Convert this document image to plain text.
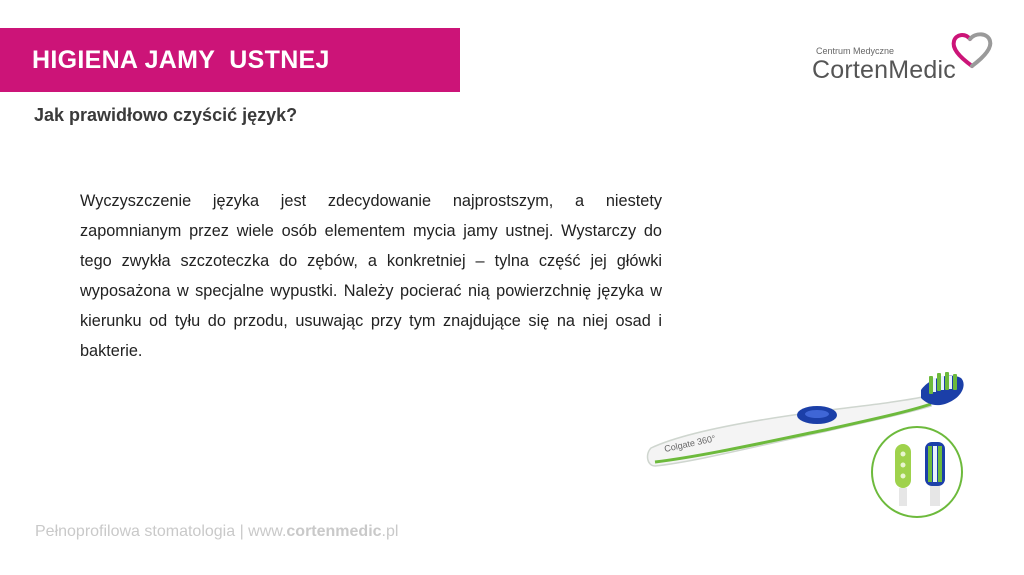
HIGIENA JAMY  USTNEJ	Centrum Medyczne
CortenMedic
Jak prawidłowo czyścić język?
Wyczyszczenie języka jest zdecydowanie najprostszym, a niestety zapomnianym przez wiele osób elementem mycia jamy ustnej. Wystarczy do tego zwykła szczoteczka do zębów, a konkretniej – tylna część jej główki wyposażona w specjalne wypustki. Należy pocierać nią powierzchnię języka w kierunku od tyłu do przodu, usuwając przy tym znajdujące się na niej osad i bakterie.
Colgate 360°
Pełnoprofilowa stomatologia | www.cortenmedic.pl
